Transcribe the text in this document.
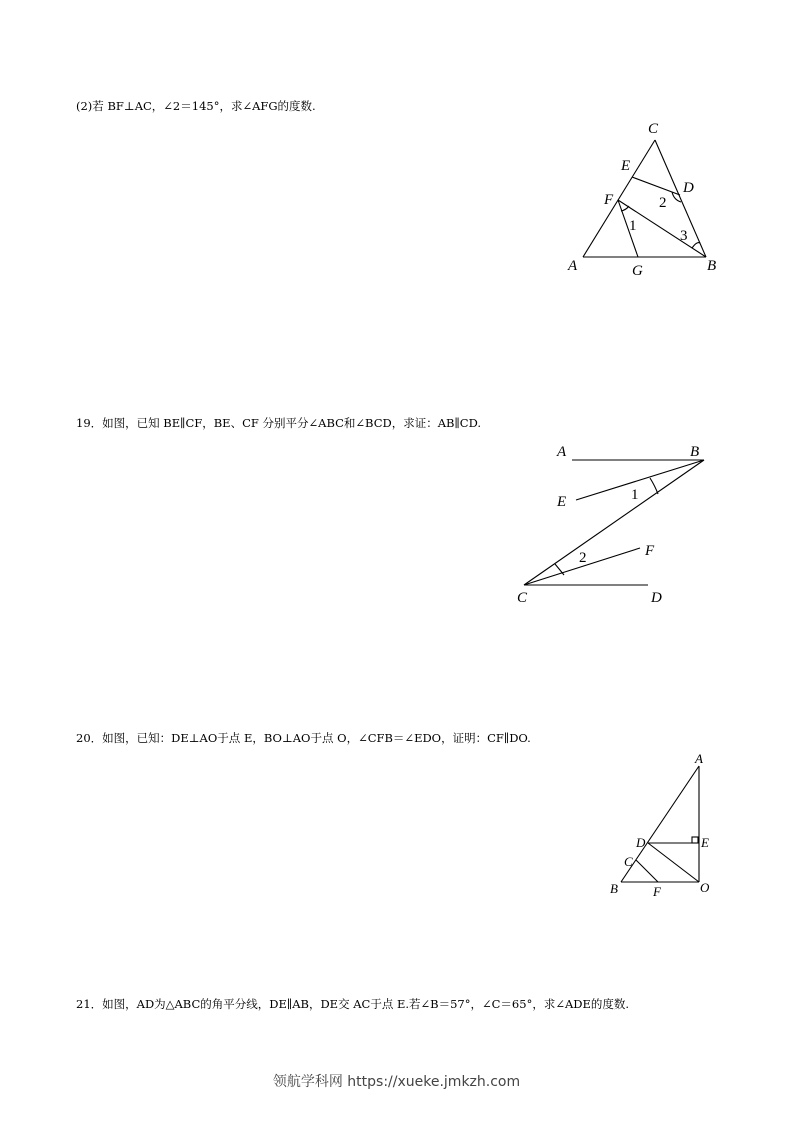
(2)若 BF⊥AC，∠2＝145°，求∠AFG的度数.
19．如图，已知 BE∥CF，BE、CF 分别平分∠ABC和∠BCD，求证：AB∥CD.
20．如图，已知：DE⊥AO于点 E，BO⊥AO于点 O，∠CFB＝∠EDO，证明：CF∥DO.
21．如图，AD为△ABC的角平分线，DE∥AB，DE交 AC于点 E.若∠B＝57°，∠C＝65°，求∠ADE的度数.
C
E
D
F
A	G	B
1
2
3
A	B
E
F
C	D
1
2
A
D	E
C
B	F	O
领航学科网 https://xueke.jmkzh.com
